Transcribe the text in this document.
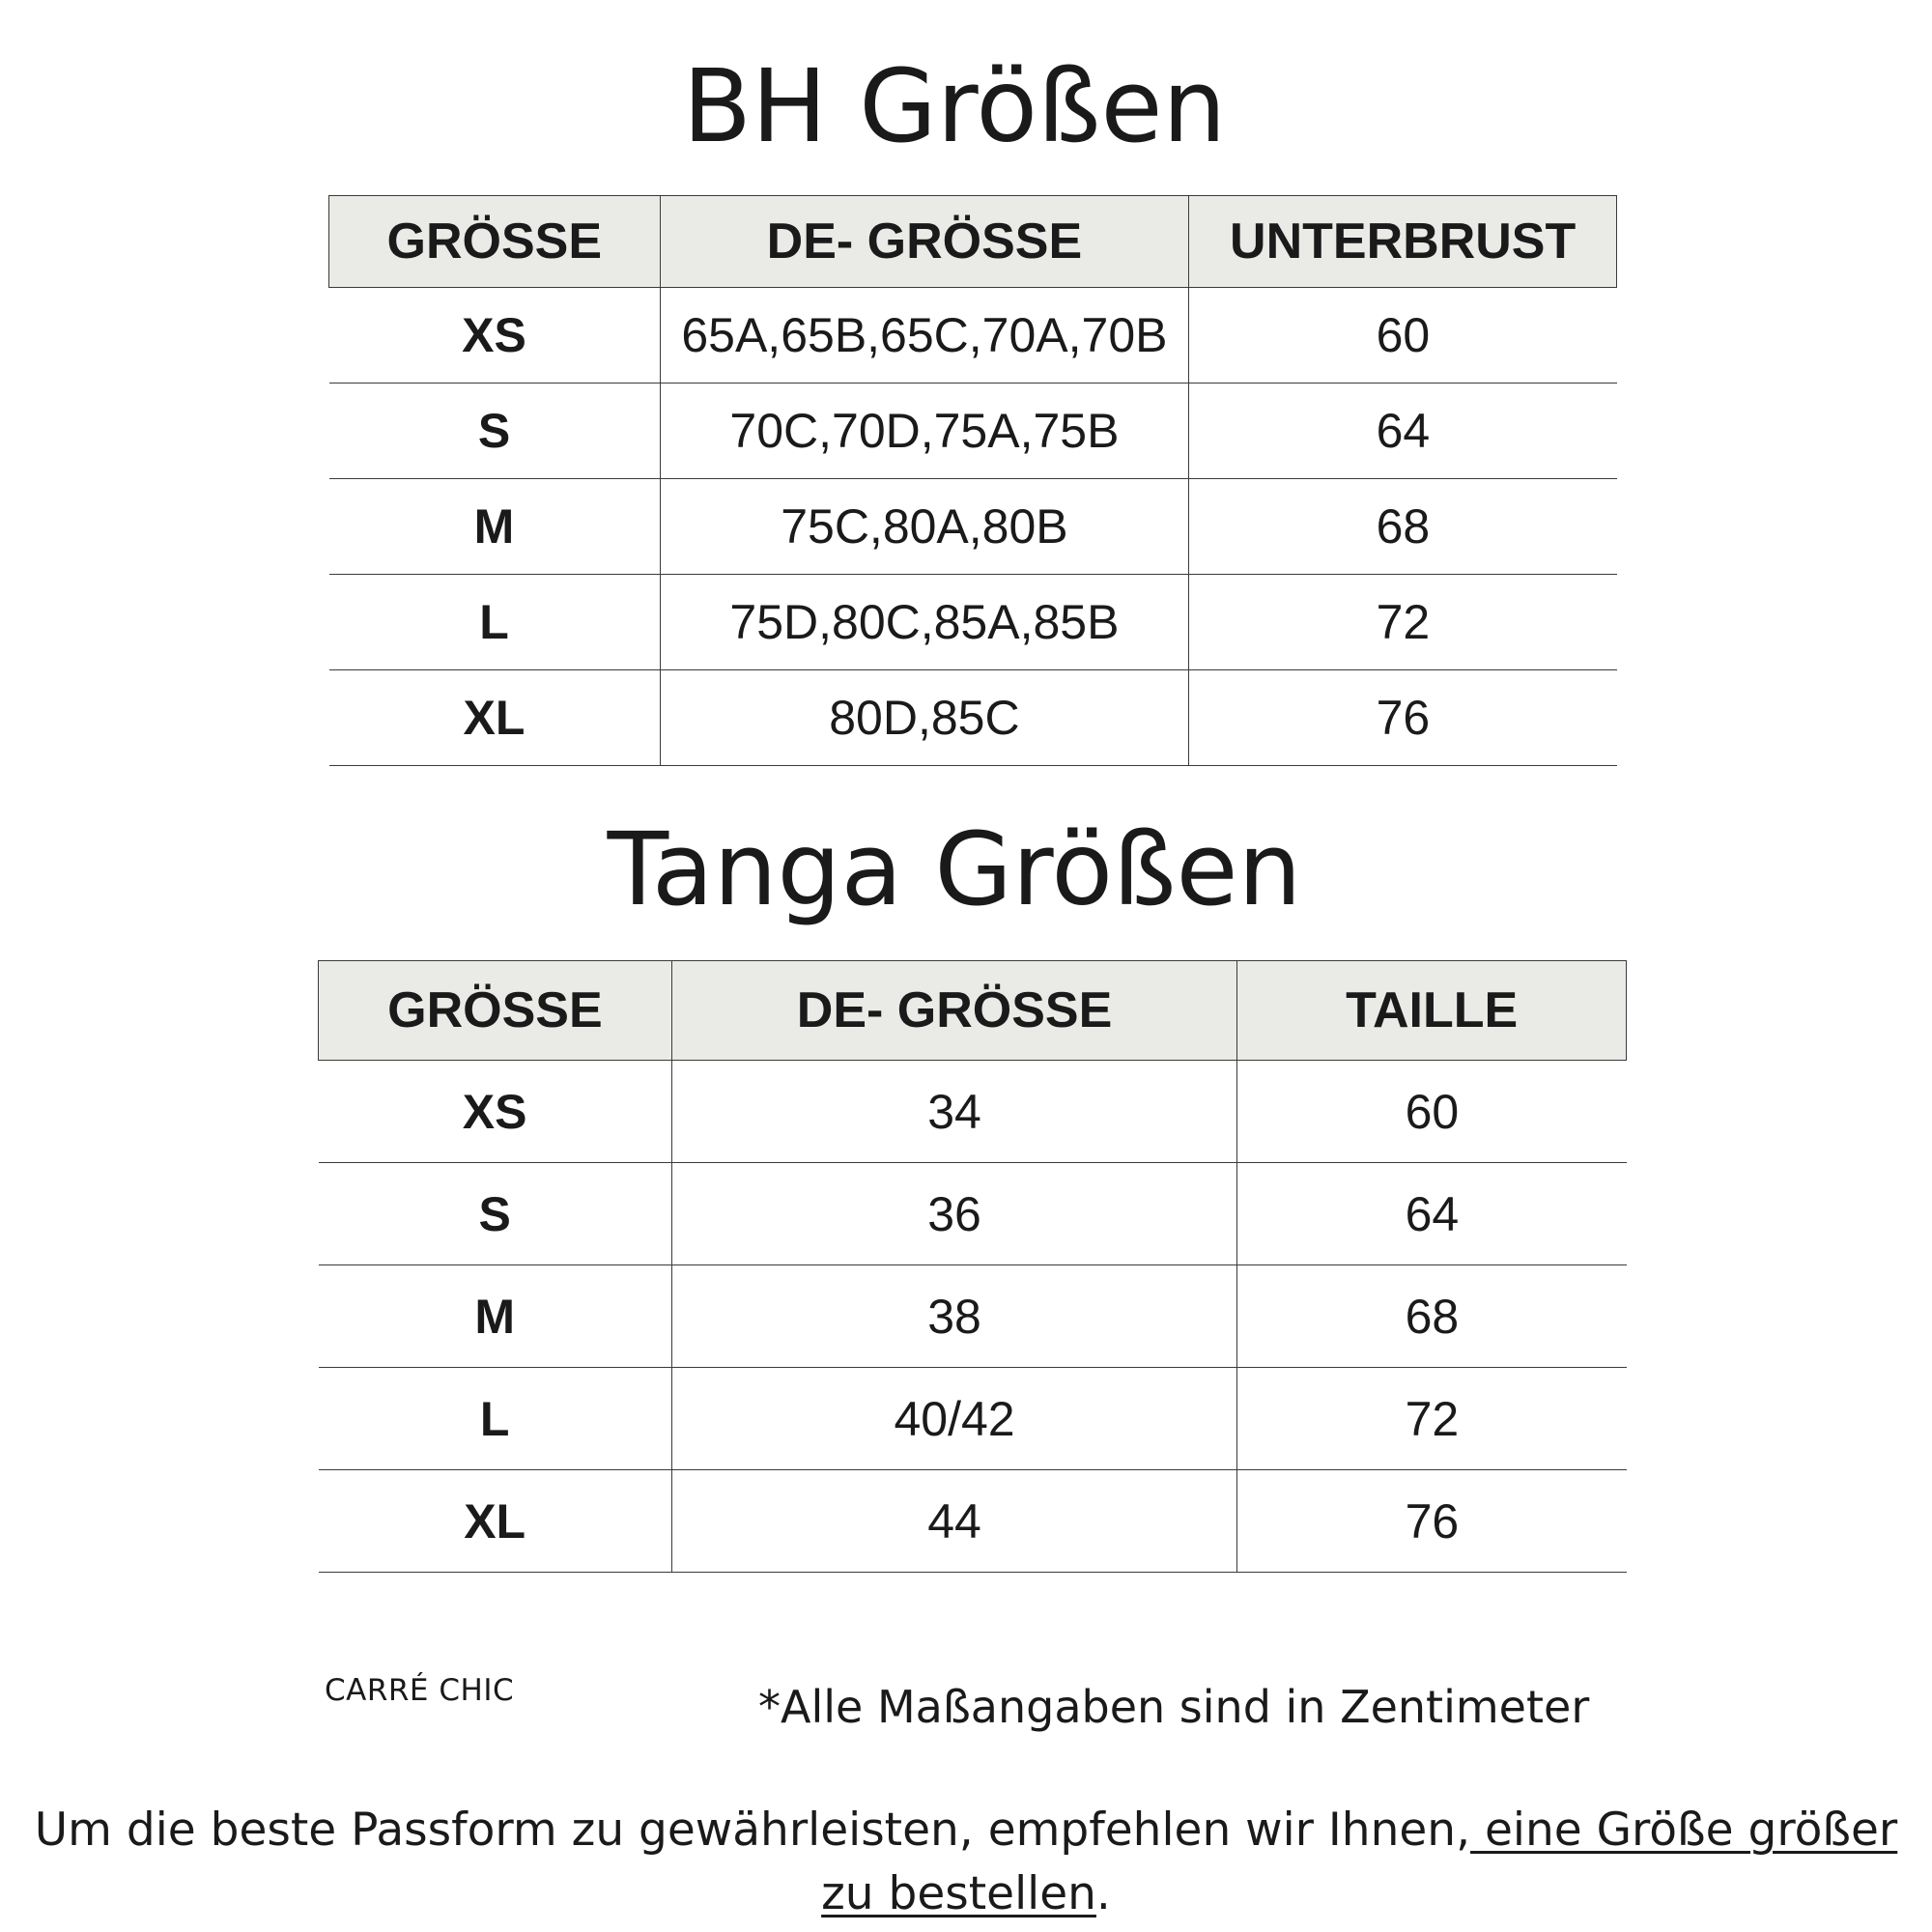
BH Größen
GRÖSSE	DE- GRÖSSE	UNTERBRUST
XS	65A,65B,65C,70A,70B	60
S	70C,70D,75A,75B	64
M	75C,80A,80B	68
L	75D,80C,85A,85B	72
XL	80D,85C	76
Tanga Größen
GRÖSSE	DE- GRÖSSE	TAILLE
XS	34	60
S	36	64
M	38	68
L	40/42	72
XL	44	76
CARRÉ CHIC	*Alle Maßangaben sind in Zentimeter
Um die beste Passform zu gewährleisten, empfehlen wir Ihnen, eine Größe größer zu bestellen.
